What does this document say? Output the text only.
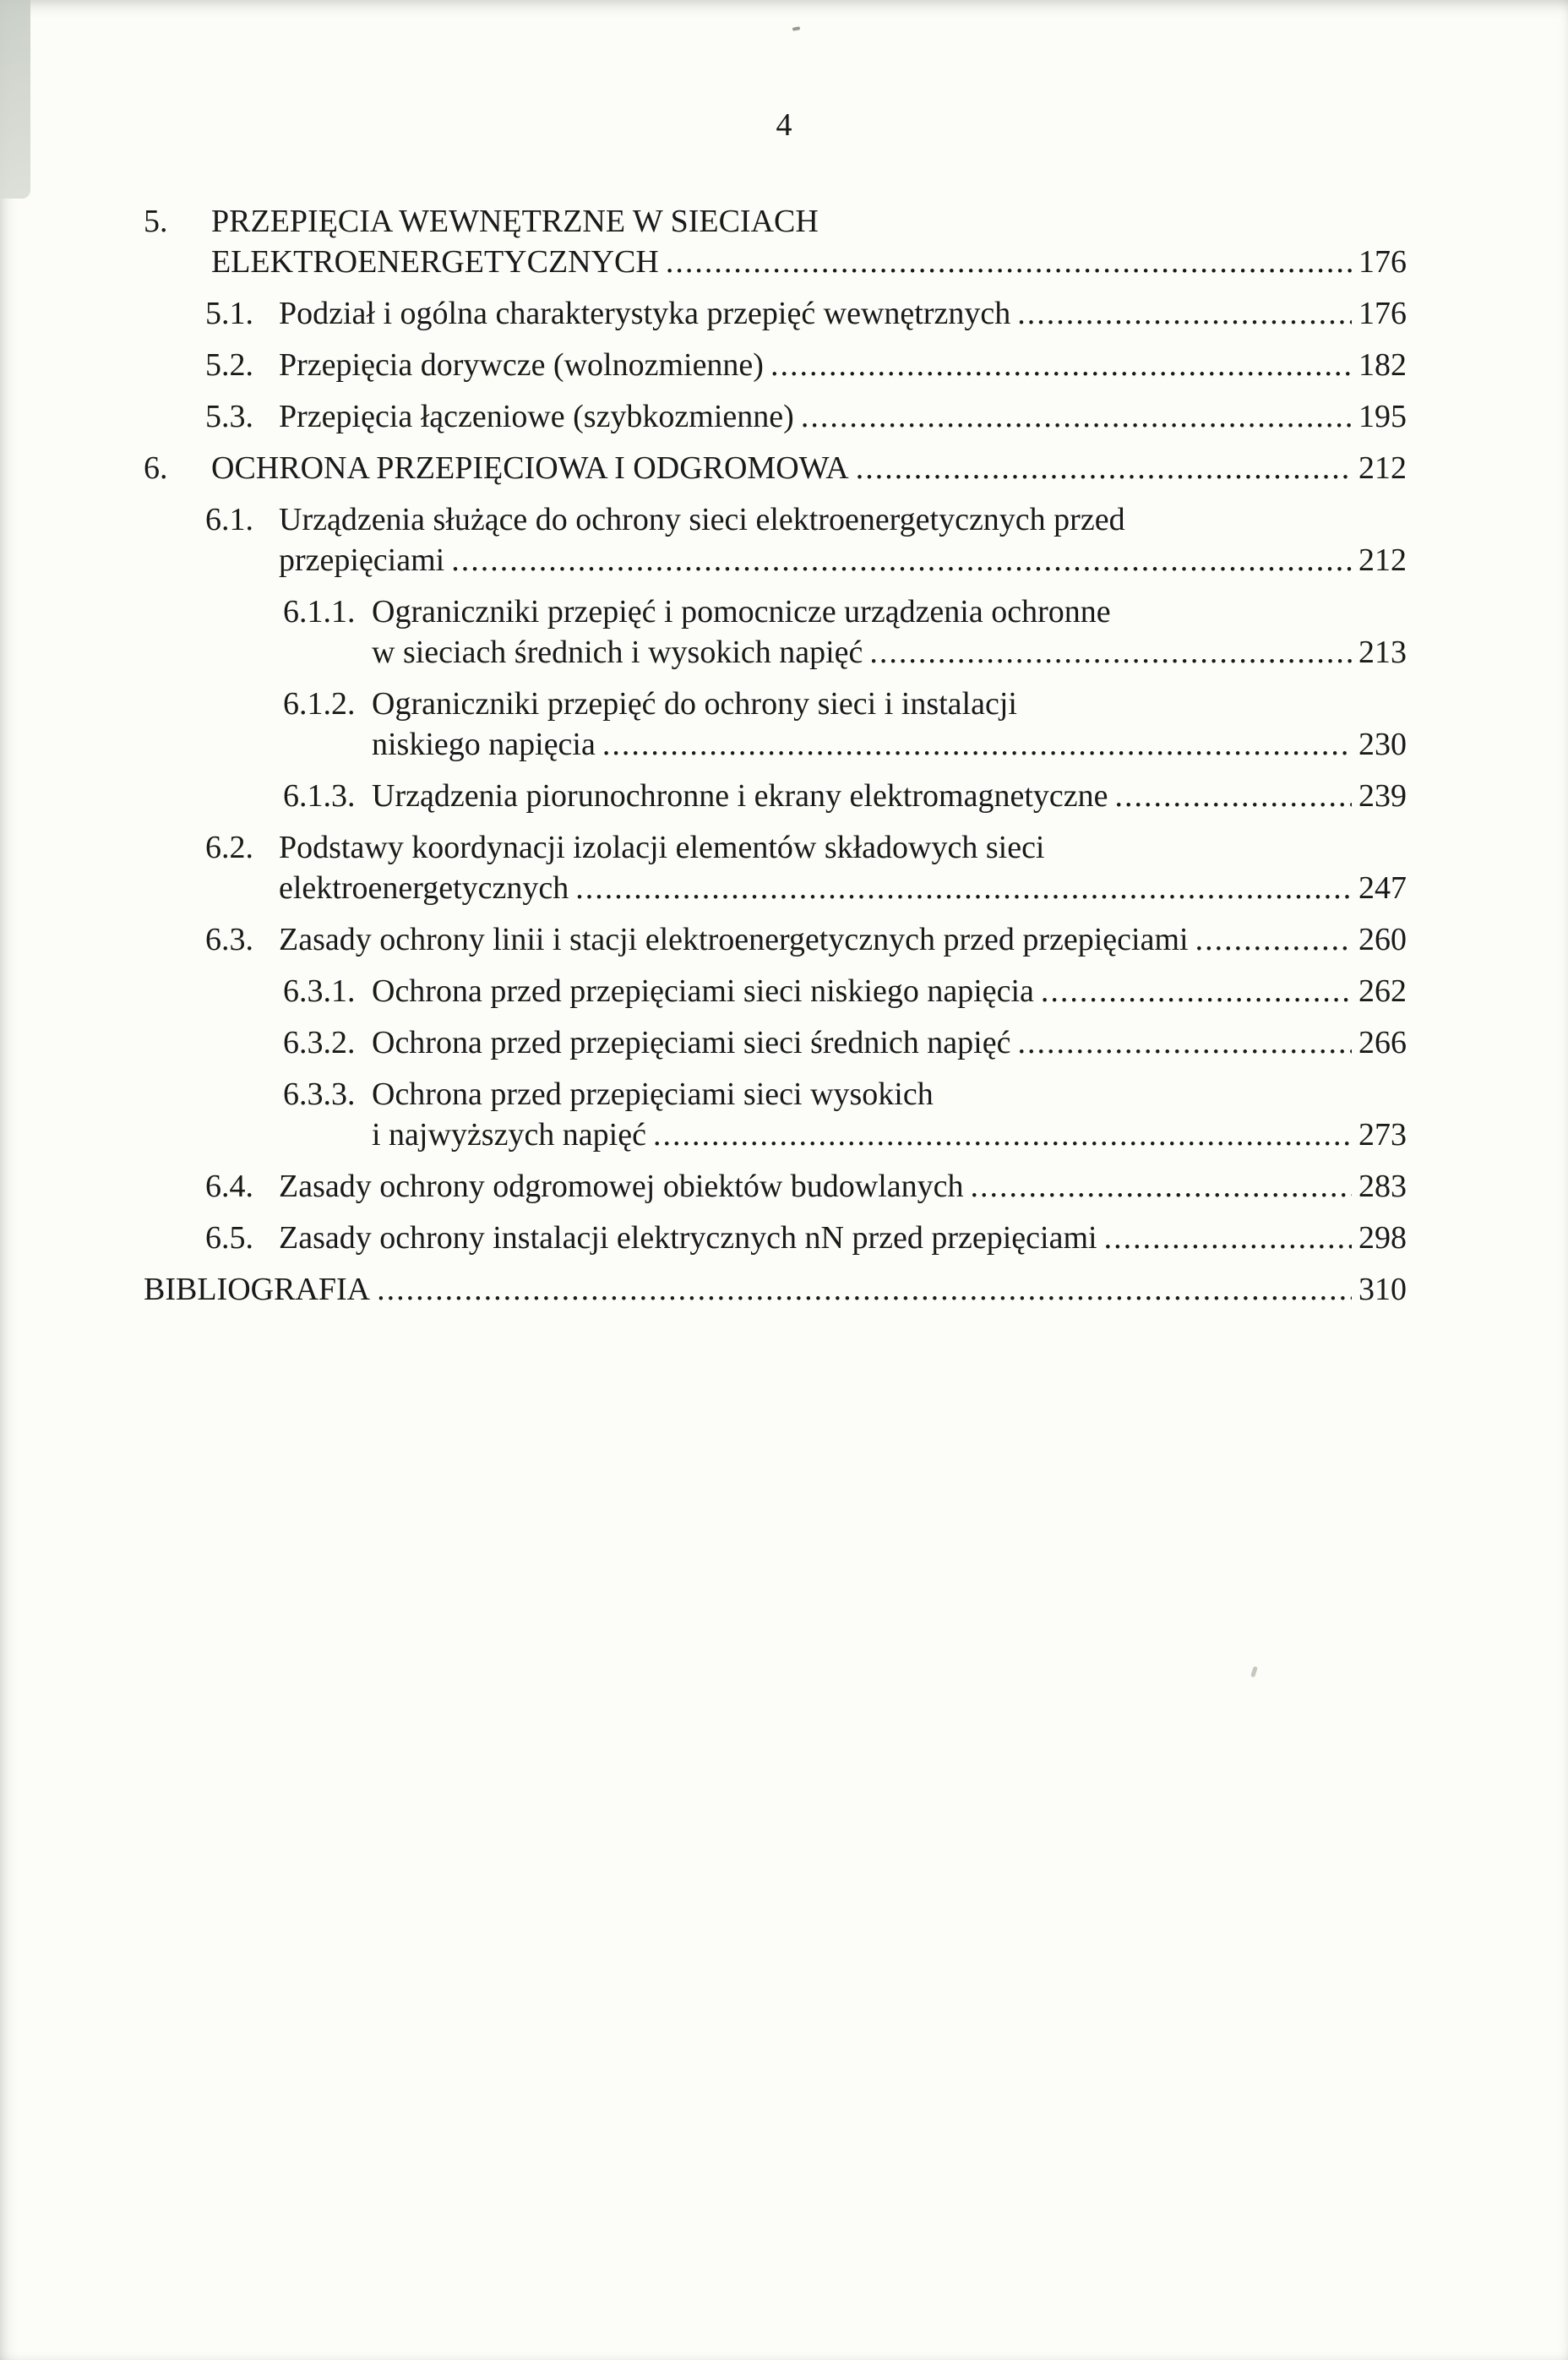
4
5.	PRZEPIĘCIA WEWNĘTRZNE W SIECIACH
ELEKTROENERGETYCZNYCH .....	176
5.1. Podział i ogólna charakterystyka przepięć wewnętrznych .....	176
5.2. Przepięcia dorywcze (wolnozmienne) .....	182
5.3. Przepięcia łączeniowe (szybkozmienne) .....	195
6.	OCHRONA PRZEPIĘCIOWA I ODGROMOWA .....	212
6.1. Urządzenia służące do ochrony sieci elektroenergetycznych przed
przepięciami .....	212
6.1.1. Ograniczniki przepięć i pomocnicze urządzenia ochronne
w sieciach średnich i wysokich napięć .....	213
6.1.2. Ograniczniki przepięć do ochrony sieci i instalacji
niskiego napięcia .....	230
6.1.3. Urządzenia piorunochronne i ekrany elektromagnetyczne .....	239
6.2. Podstawy koordynacji izolacji elementów składowych sieci
elektroenergetycznych .....	247
6.3. Zasady ochrony linii i stacji elektroenergetycznych przed przepięciami .....	260
6.3.1. Ochrona przed przepięciami sieci niskiego napięcia .....	262
6.3.2. Ochrona przed przepięciami sieci średnich napięć .....	266
6.3.3. Ochrona przed przepięciami sieci wysokich
i najwyższych napięć .....	273
6.4. Zasady ochrony odgromowej obiektów budowlanych .....	283
6.5. Zasady ochrony instalacji elektrycznych nN przed przepięciami .....	298
BIBLIOGRAFIA .....	310
